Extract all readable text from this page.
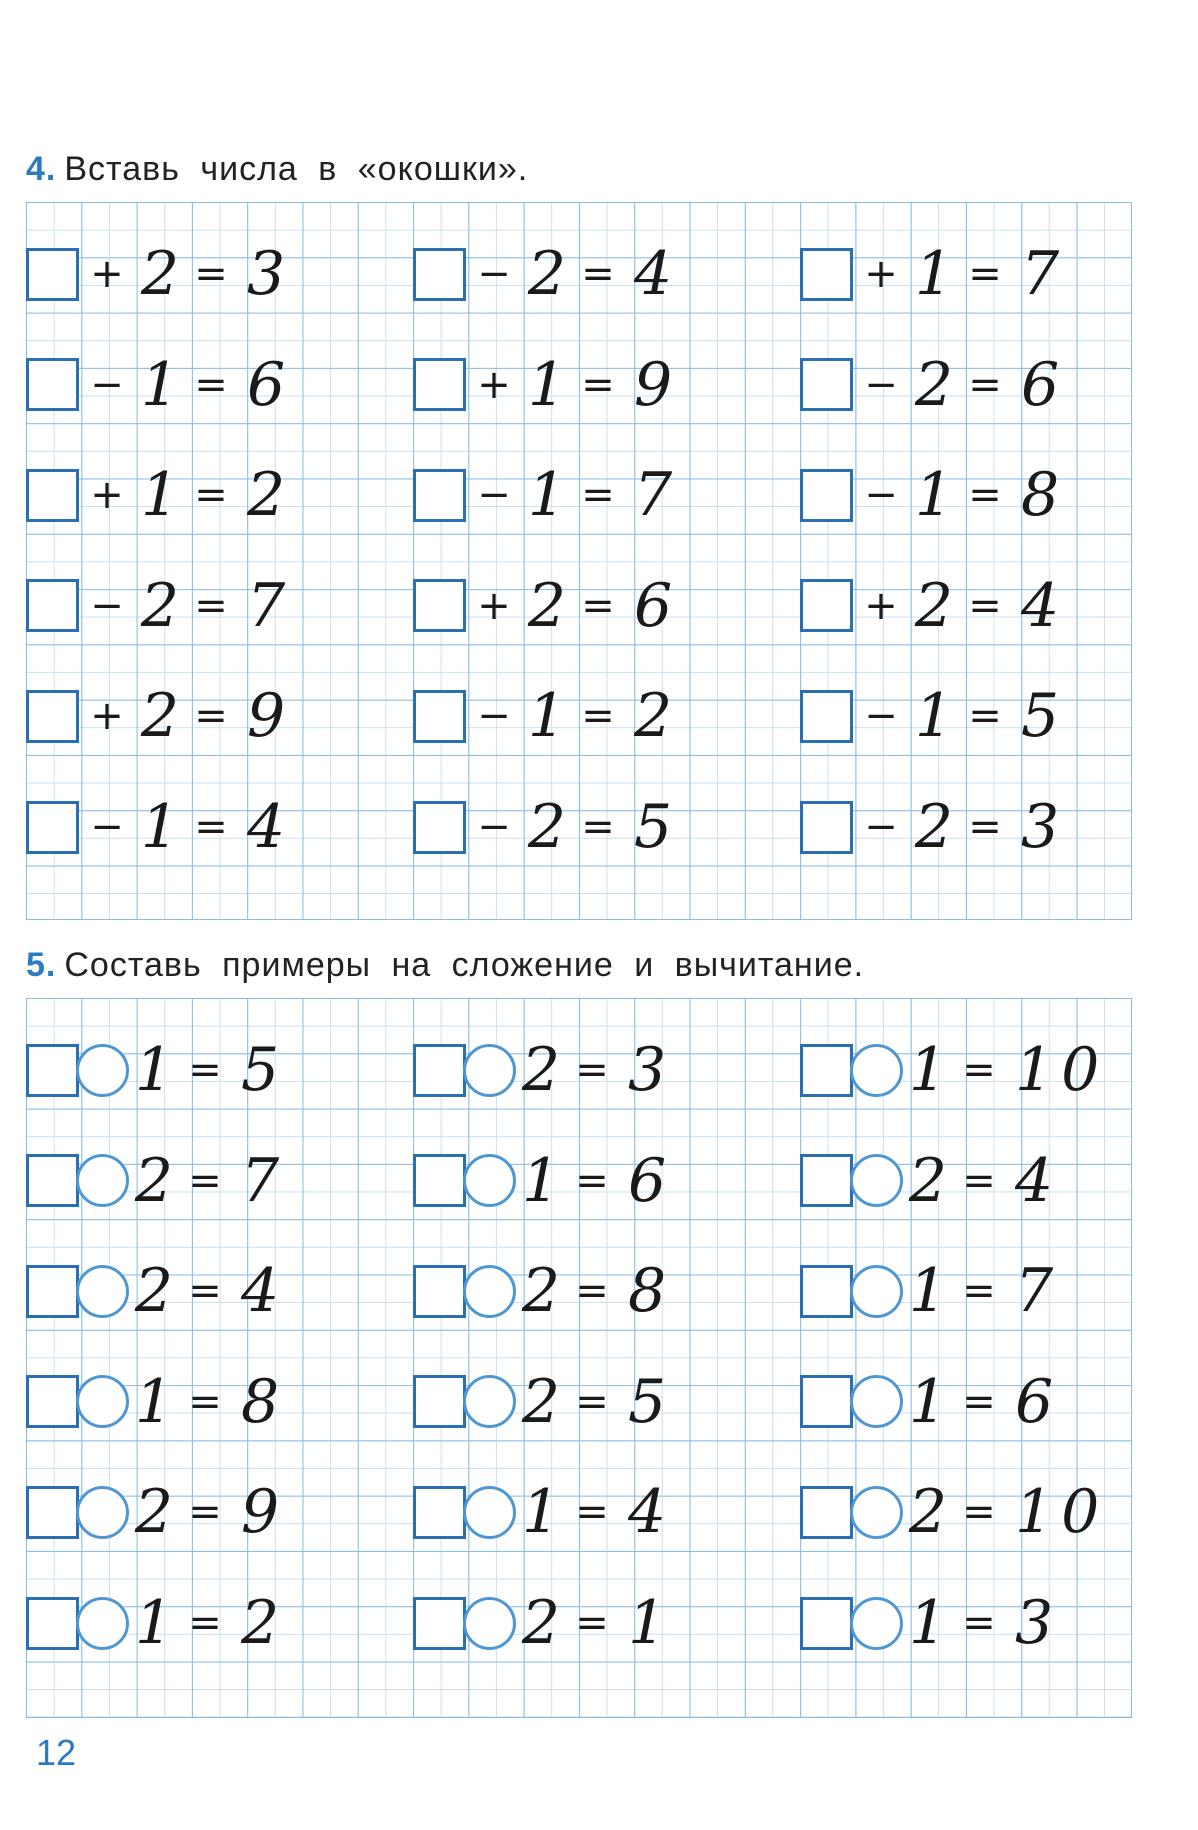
4. Вставь числа в «окошки».
+ 2 = 3	− 2 = 4	+ 1 = 7
− 1 = 6	+ 1 = 9	− 2 = 6
+ 1 = 2	− 1 = 7	− 1 = 8
− 2 = 7	+ 2 = 6	+ 2 = 4
+ 2 = 9	− 1 = 2	− 1 = 5
− 1 = 4	− 2 = 5	− 2 = 3
5. Составь примеры на сложение и вычитание.
1 = 5	2 = 3	1 = 10
2 = 7	1 = 6	2 = 4
2 = 4	2 = 8	1 = 7
1 = 8	2 = 5	1 = 6
2 = 9	1 = 4	2 = 10
1 = 2	2 = 1	1 = 3

12
